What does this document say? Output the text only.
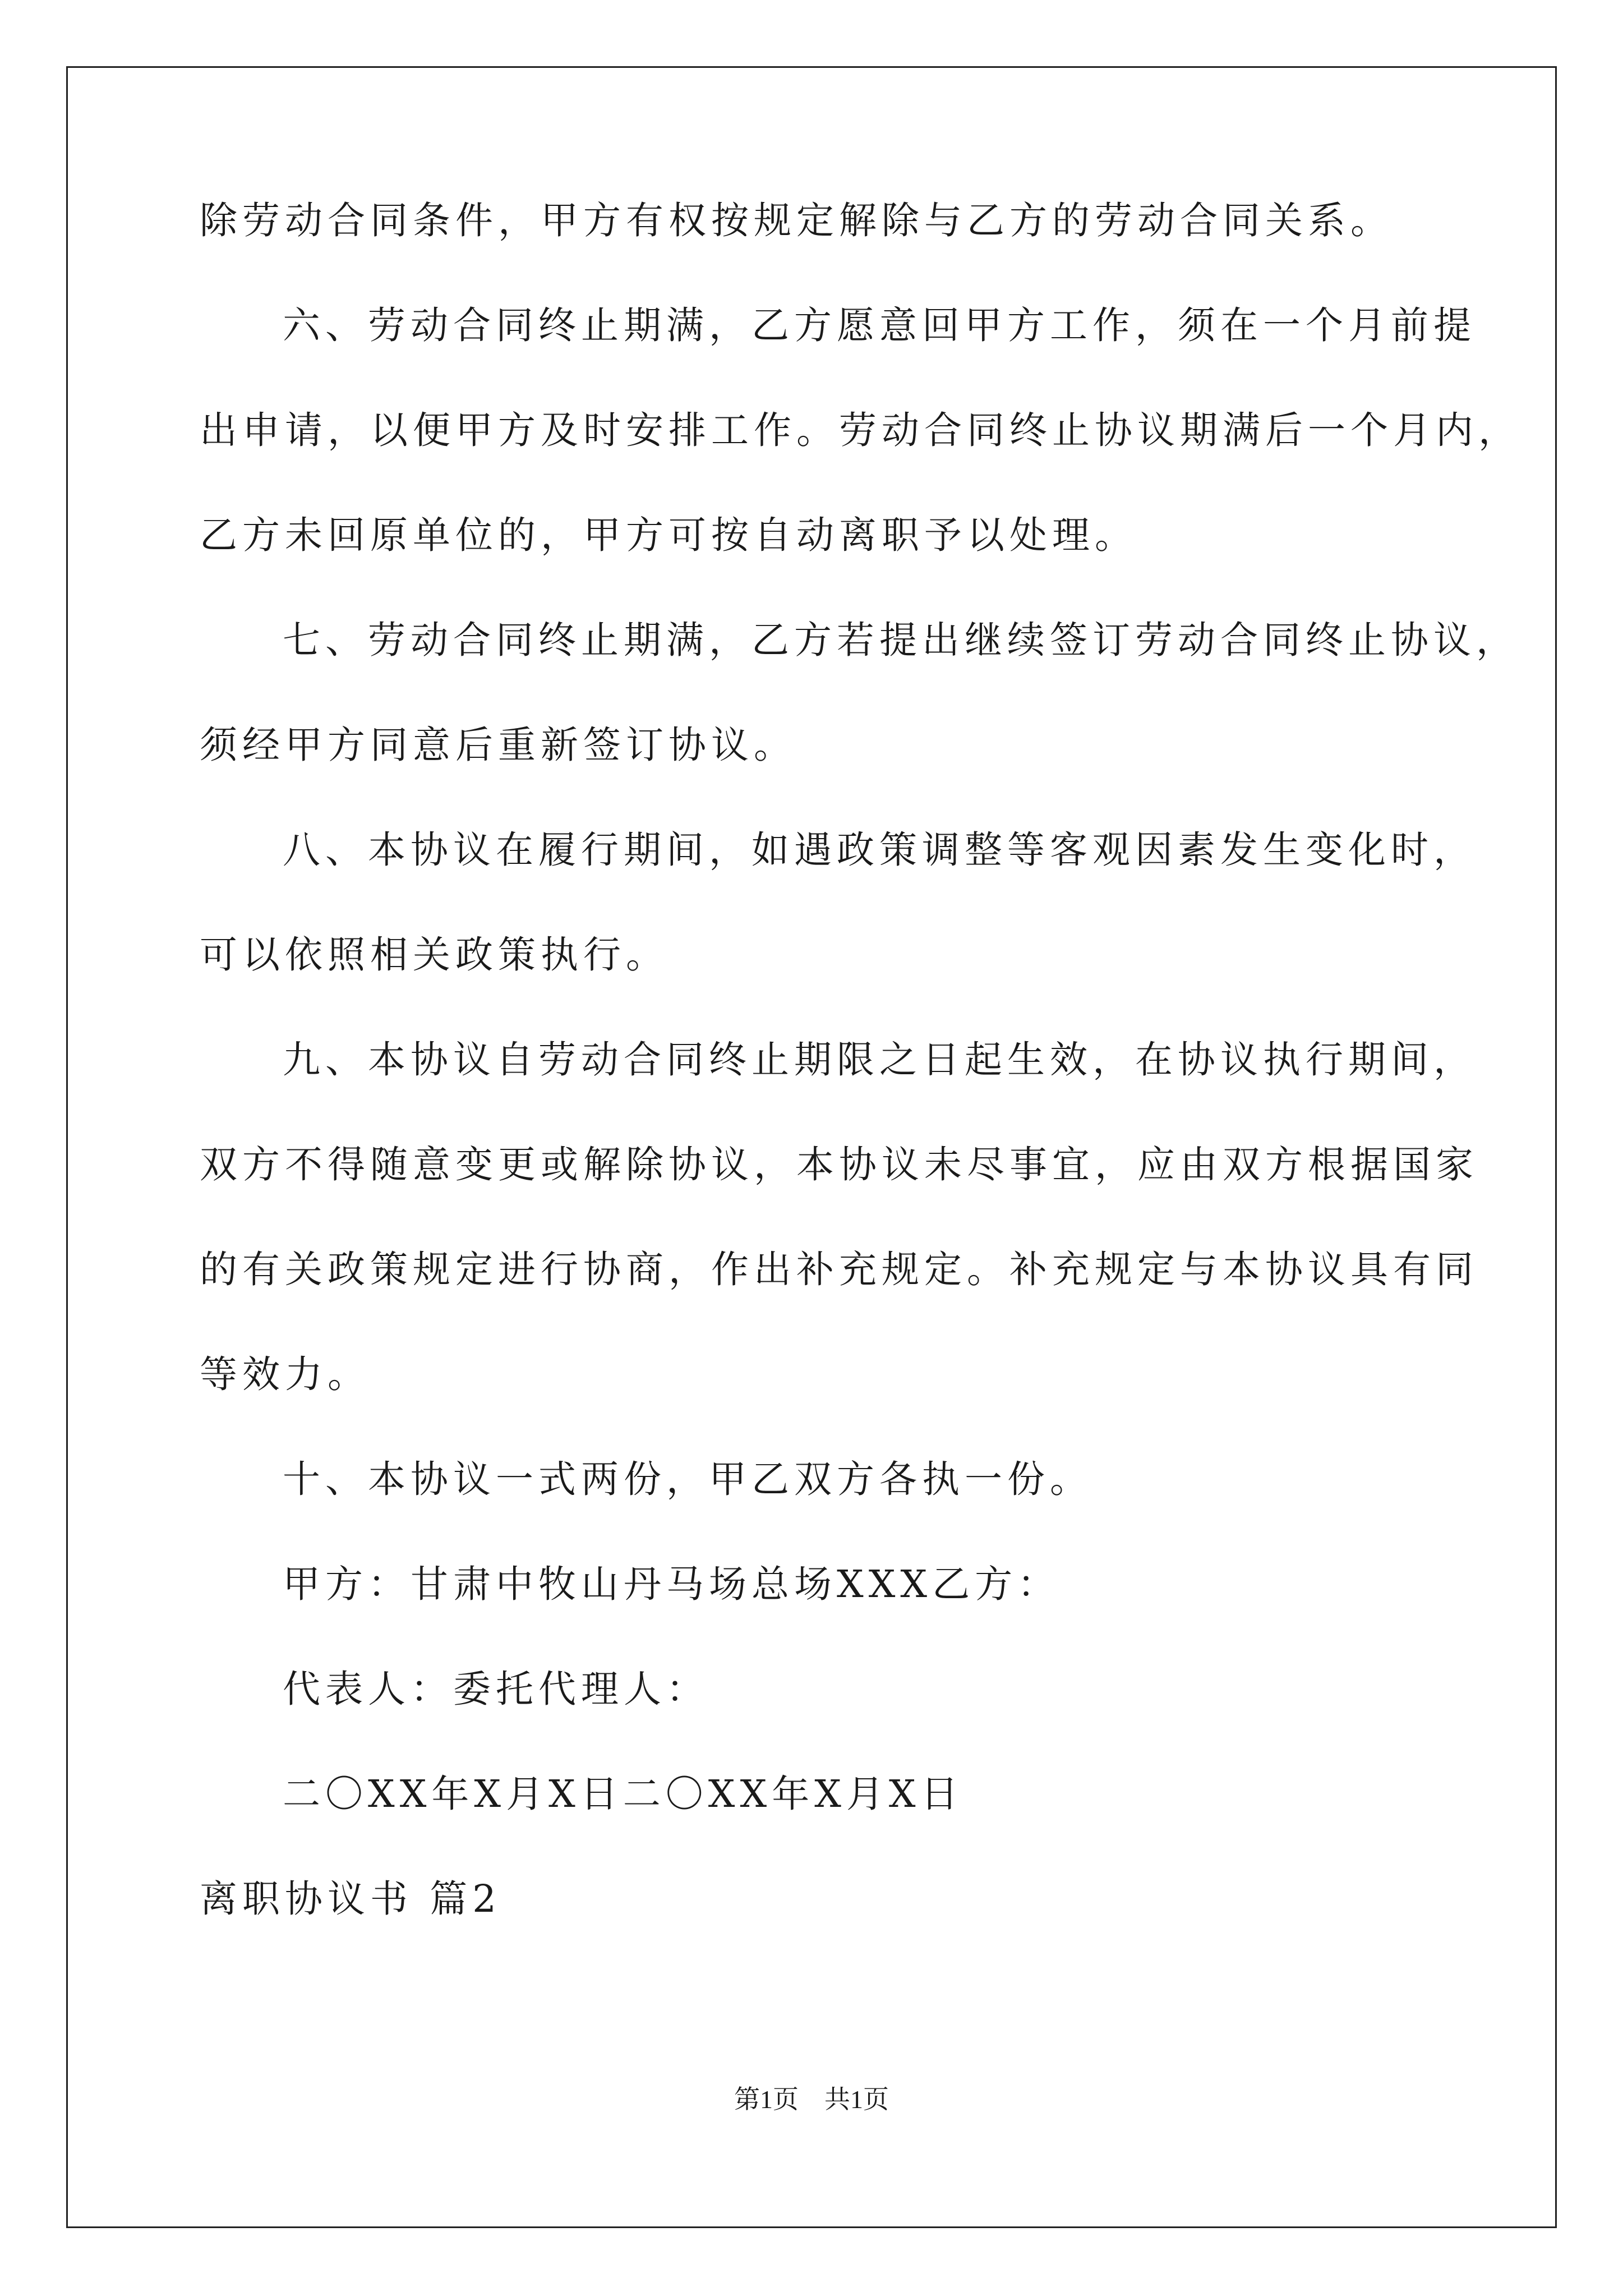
除劳动合同条件，甲方有权按规定解除与乙方的劳动合同关系。
六、劳动合同终止期满，乙方愿意回甲方工作，须在一个月前提
出申请，以便甲方及时安排工作。劳动合同终止协议期满后一个月内，
乙方未回原单位的，甲方可按自动离职予以处理。
七、劳动合同终止期满，乙方若提出继续签订劳动合同终止协议，
须经甲方同意后重新签订协议。
八、本协议在履行期间，如遇政策调整等客观因素发生变化时，
可以依照相关政策执行。
九、本协议自劳动合同终止期限之日起生效，在协议执行期间，
双方不得随意变更或解除协议，本协议未尽事宜，应由双方根据国家
的有关政策规定进行协商，作出补充规定。补充规定与本协议具有同
等效力。
十、本协议一式两份，甲乙双方各执一份。
甲方：甘肃中牧山丹马场总场XXX乙方：
代表人：委托代理人：
二〇XX年X月X日二〇XX年X月X日
离职协议书 篇2
第1页　共1页
